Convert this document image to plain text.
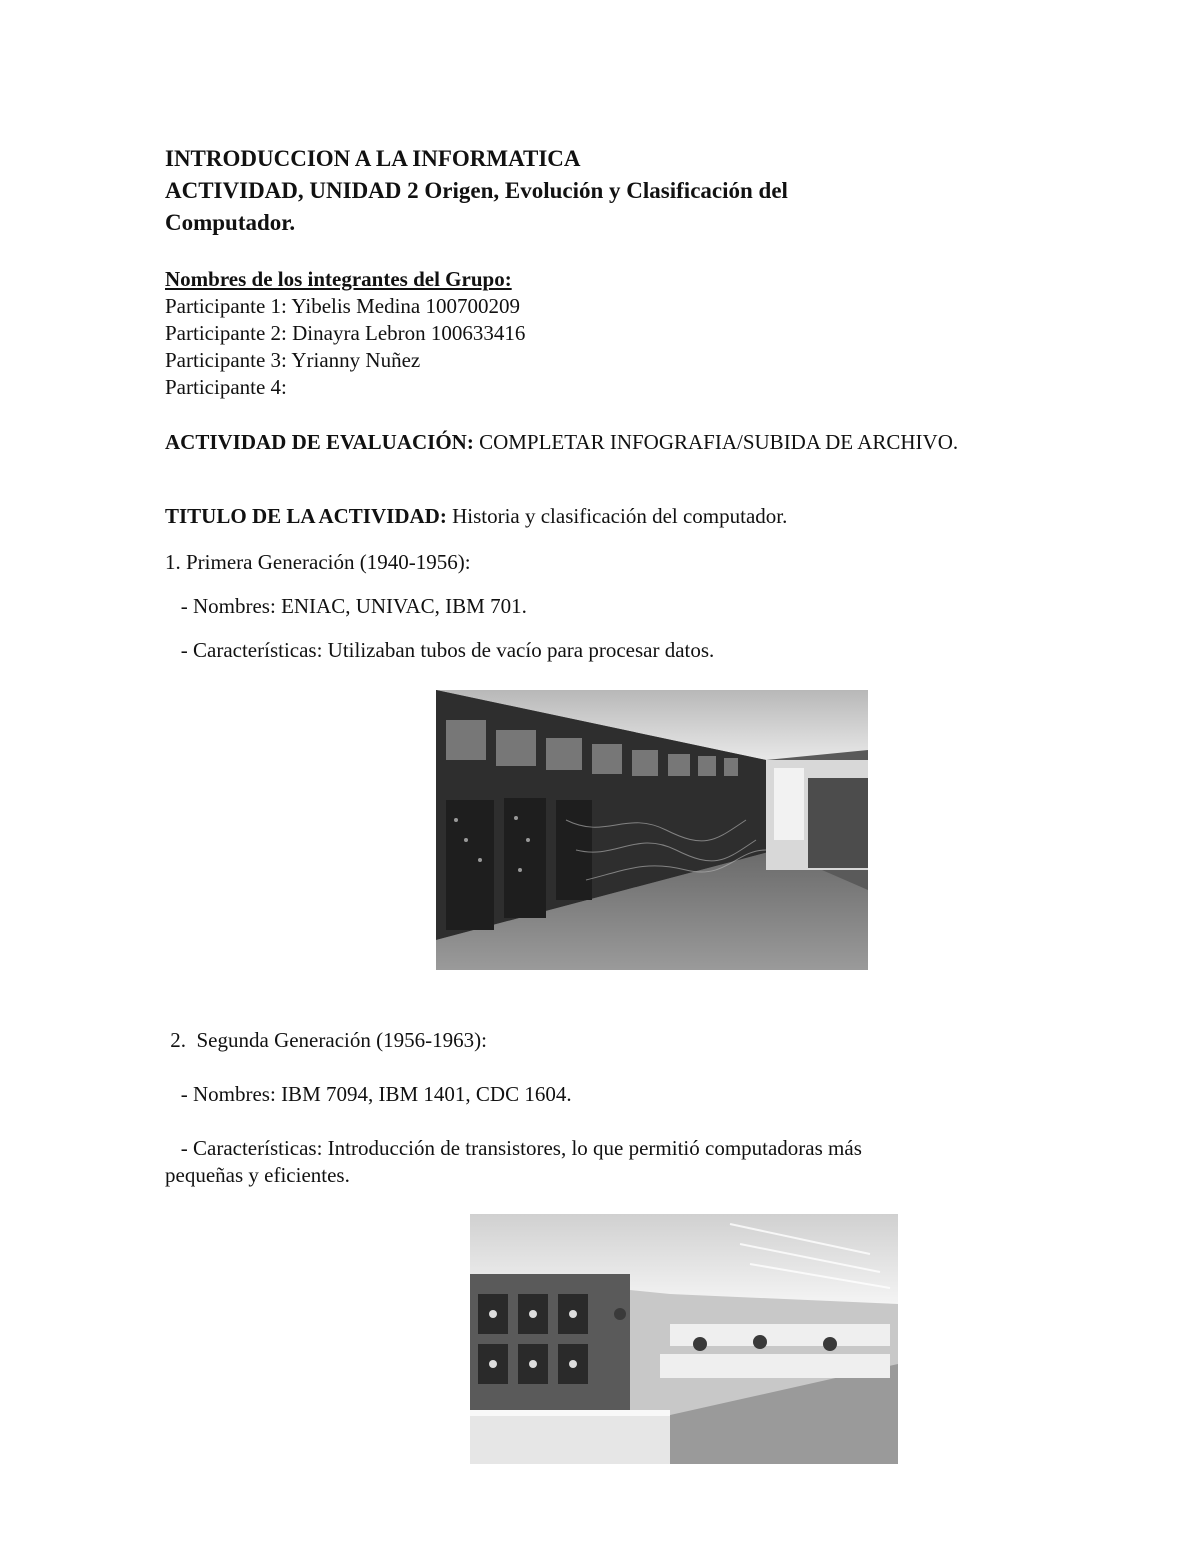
INTRODUCCION A LA INFORMATICA

ACTIVIDAD, UNIDAD 2 Origen, Evolución y Clasificación del

Computador.

Nombres de los integrantes del Grupo:

Participante 1: Yibelis Medina 100700209

Participante 2: Dinayra Lebron 100633416

Participante 3: Yrianny Nuñez

Participante 4:

ACTIVIDAD DE EVALUACIÓN: COMPLETAR INFOGRAFIA/SUBIDA DE ARCHIVO.

TITULO DE LA ACTIVIDAD: Historia y clasificación del computador.

1. Primera Generación (1940-1956):

- Nombres: ENIAC, UNIVAC, IBM 701.

- Características: Utilizaban tubos de vacío para procesar datos.

2.  Segunda Generación (1956-1963):

- Nombres: IBM 7094, IBM 1401, CDC 1604.

- Características: Introducción de transistores, lo que permitió computadoras más

pequeñas y eficientes.
